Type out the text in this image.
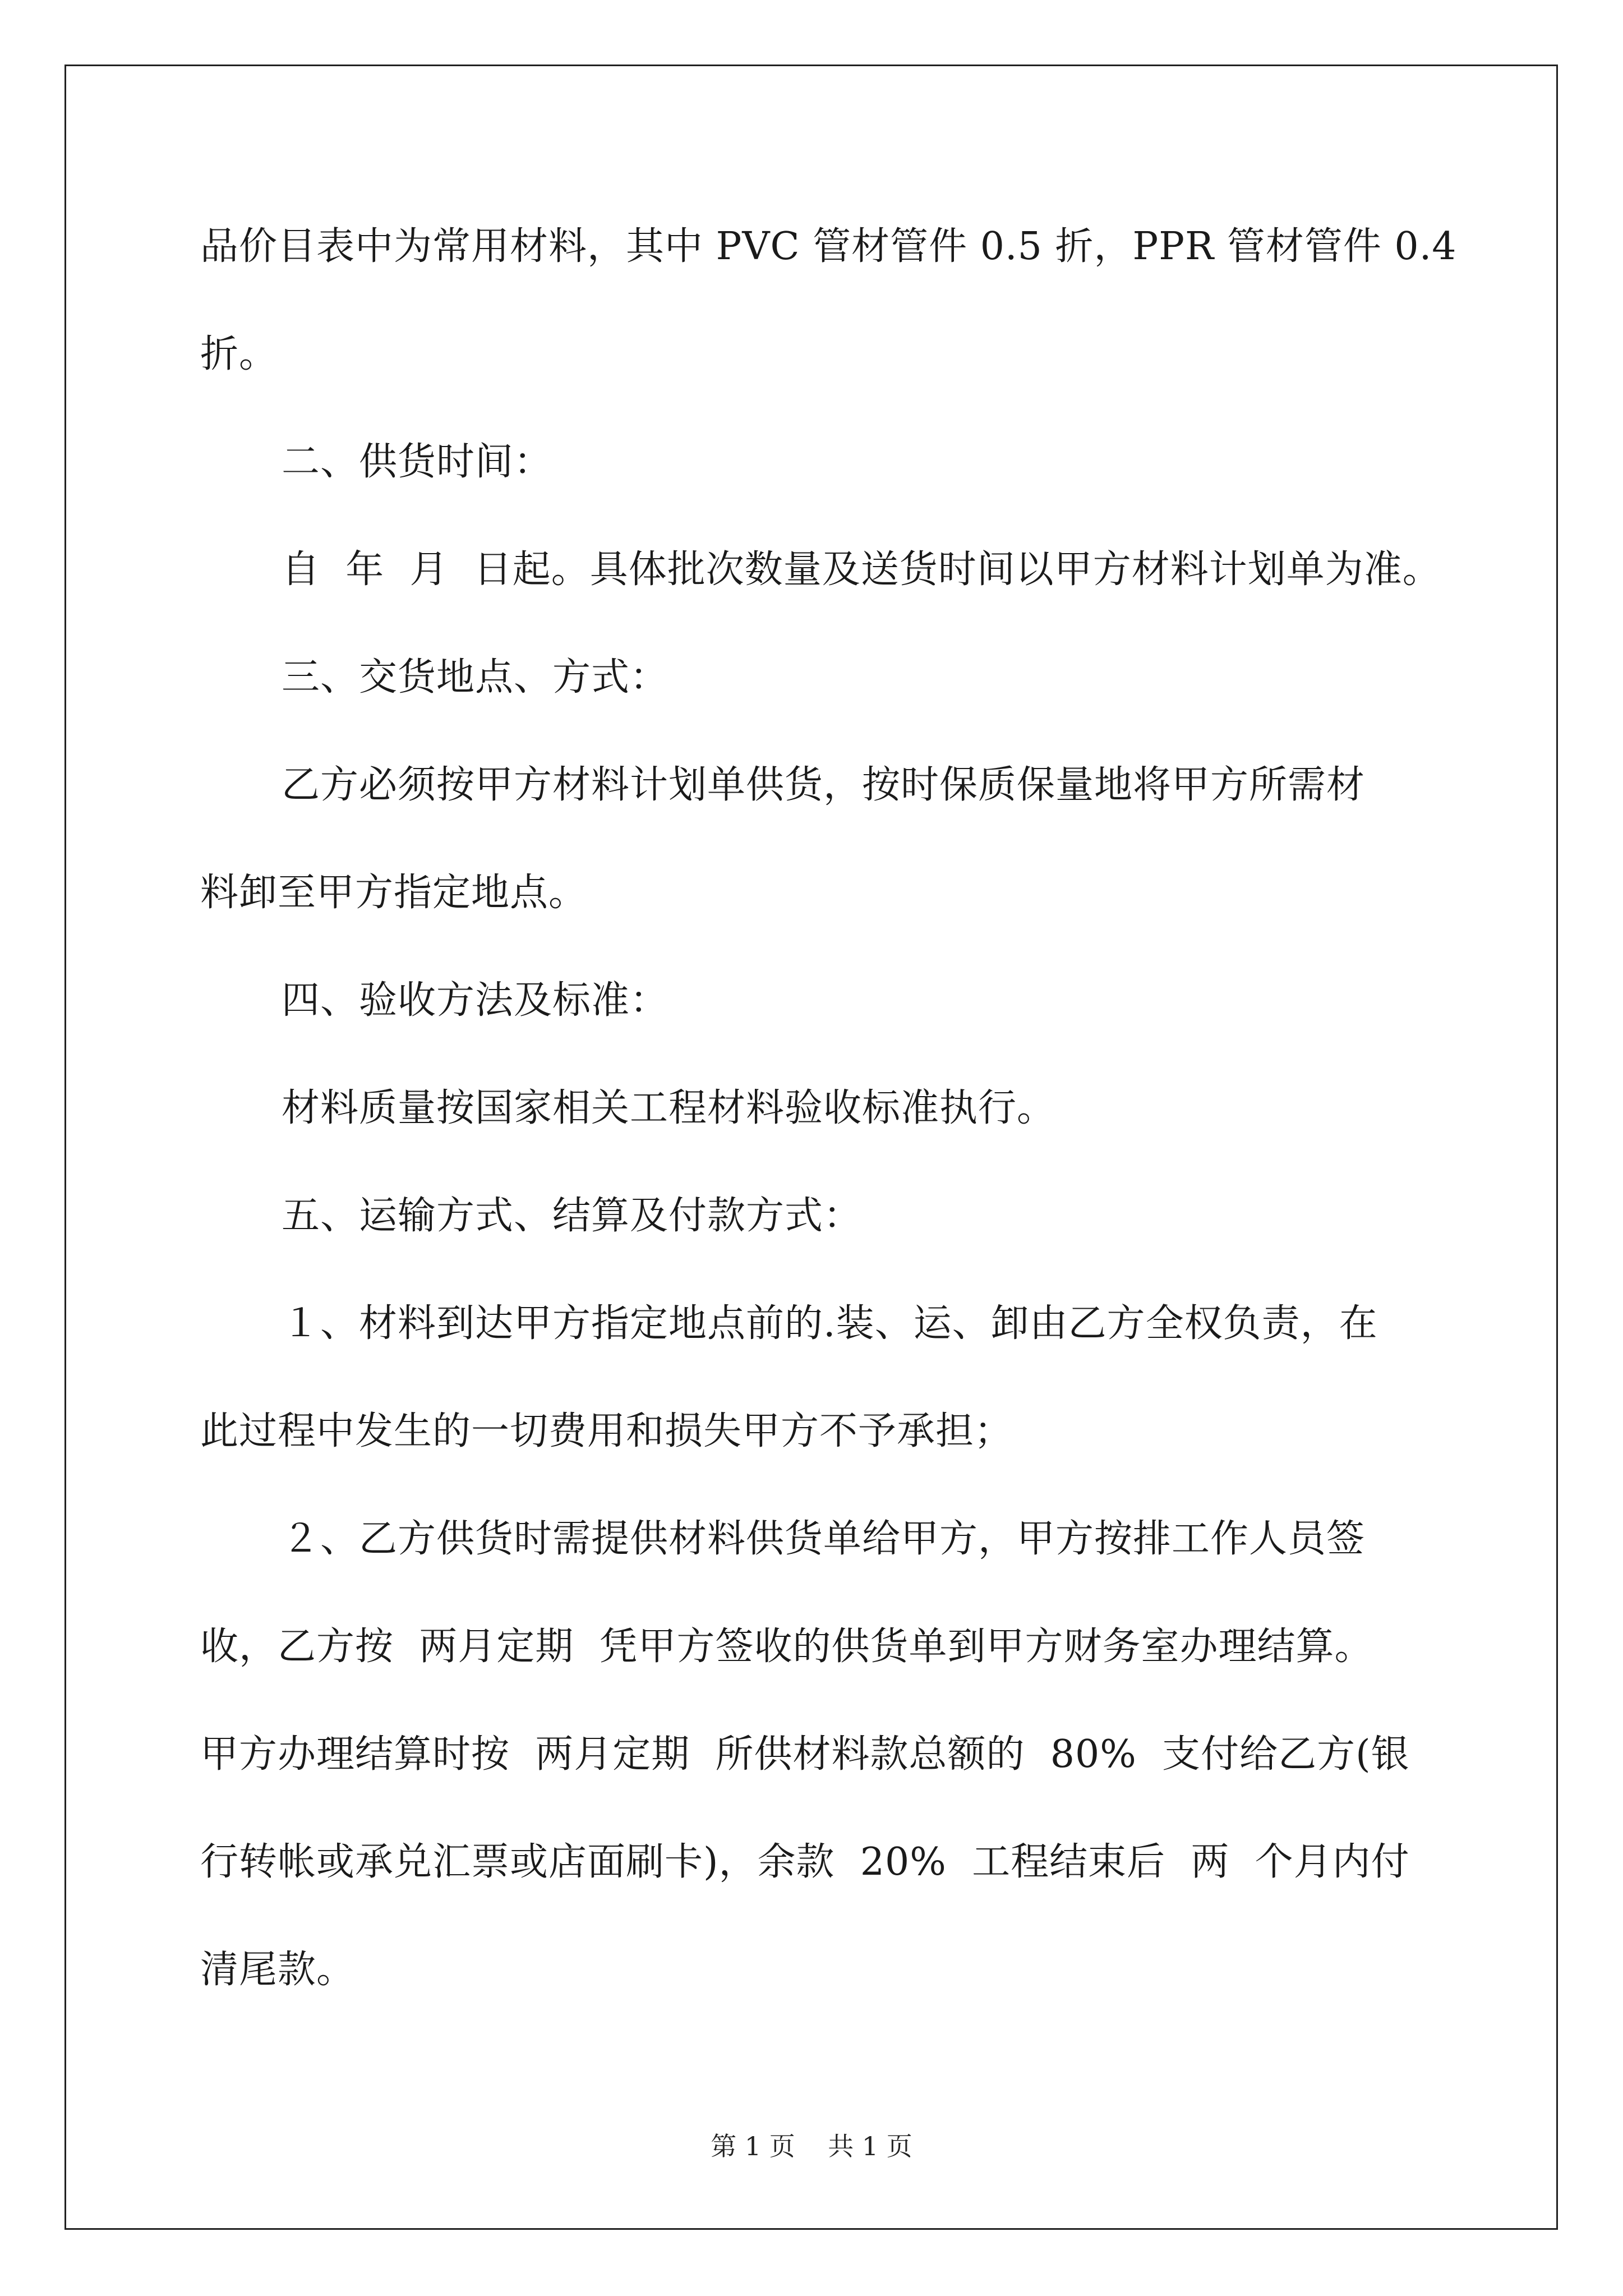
品价目表中为常用材料，其中 PVC 管材管件 0.5 折，PPR 管材管件 0.4
折。
二、供货时间：
自  年  月  日起。具体批次数量及送货时间以甲方材料计划单为准。
三、交货地点、方式：
乙方必须按甲方材料计划单供货，按时保质保量地将甲方所需材
料卸至甲方指定地点。
四、验收方法及标准：
材料质量按国家相关工程材料验收标准执行。
五、运输方式、结算及付款方式：
１、材料到达甲方指定地点前的.装、运、卸由乙方全权负责，在
此过程中发生的一切费用和损失甲方不予承担；
２、乙方供货时需提供材料供货单给甲方，甲方按排工作人员签
收，乙方按  两月定期  凭甲方签收的供货单到甲方财务室办理结算。
甲方办理结算时按  两月定期  所供材料款总额的  80%  支付给乙方(银
行转帐或承兑汇票或店面刷卡)，余款  20%  工程结束后  两  个月内付
清尾款。
第 1 页    共 1 页
